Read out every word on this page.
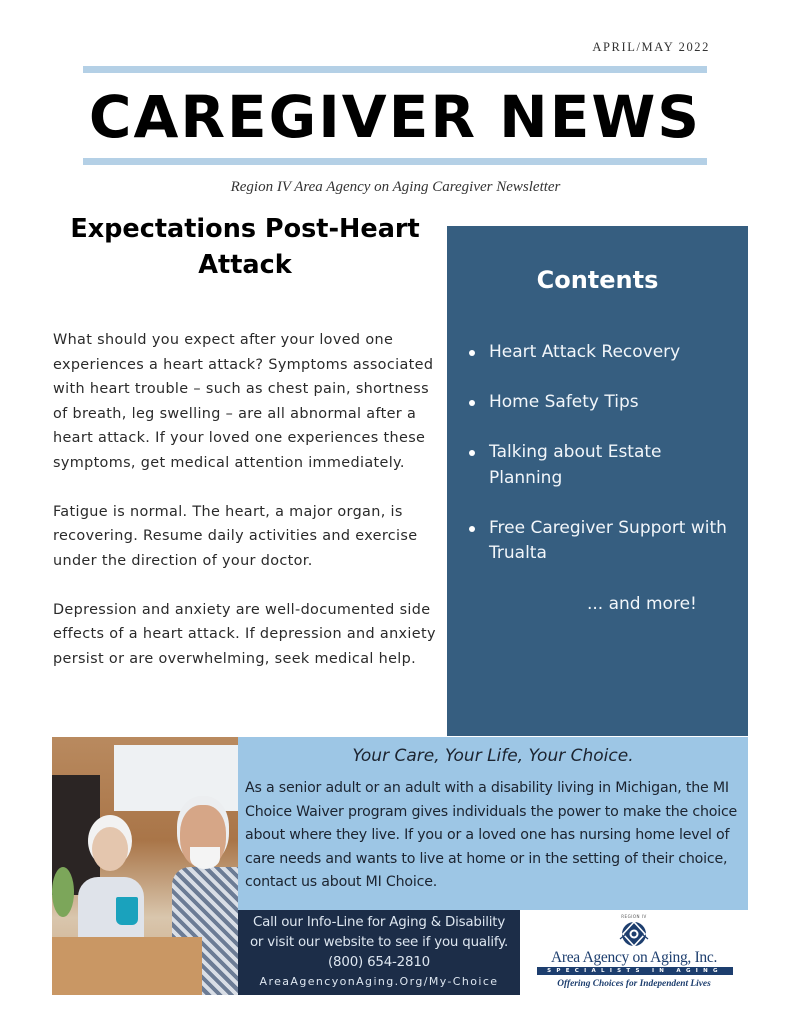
APRIL/MAY 2022
CAREGIVER NEWS
Region IV Area Agency on Aging Caregiver Newsletter
Expectations Post-Heart Attack

What should you expect after your loved one experiences a heart attack? Symptoms associated with heart trouble – such as chest pain, shortness of breath, leg swelling – are all abnormal after a heart attack. If your loved one experiences these symptoms, get medical attention immediately.

Fatigue is normal. The heart, a major organ, is recovering. Resume daily activities and exercise under the direction of your doctor.

Depression and anxiety are well-documented side effects of a heart attack. If depression and anxiety persist or are overwhelming, seek medical help.

Contents
Heart Attack Recovery
Home Safety Tips
Talking about Estate Planning
Free Caregiver Support with Trualta
... and more!
Your Care, Your Life, Your Choice.
As a senior adult or an adult with a disability living in Michigan, the MI Choice Waiver program gives individuals the power to make the choice about where they live. If you or a loved one has nursing home level of care needs and wants to live at home or in the setting of their choice, contact us about MI Choice.
Call our Info-Line for Aging & Disability
or visit our website to see if you qualify.
(800) 654-2810
AreaAgencyonAging.Org/My-Choice
REGION IV
Area Agency on Aging, Inc.
SPECIALISTS IN AGING
Offering Choices for Independent Lives
